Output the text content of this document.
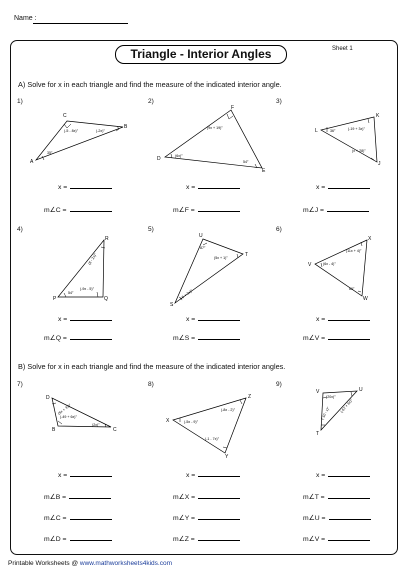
Name :
Triangle - Interior Angles	Sheet 1
A) Solve for x in each triangle and find the measure of the indicated interior angle.
1)	2)	3)
4)	5)	6)
C
B
A
F
D
E
K
L
J
R
P	Q
U
T
S
X
V
W
D
B	C
Z
X
Y
V	U
T
(-5 - 8x)°	(-2x)°
35°
(9x + 19)°
(6x)°
54°
(-19 + 3x)°
36°
(x + 28)°
(8 - 2x)°
54°
(-9x - 5)°
87°
(5x + 1)°
(-5 + 2x)°
(11x + 4)°
(6x - 4)°
60°
(5x + 33)°
(-49 + 6x)°
(2x)°
(-8x - 2)°
(-5x - 9)°
(-1 - 7x)°
(20x)°
(-67 + 6x)°
(-10 - x)°
x =	x =	x =
m∠C =	m∠F =	m∠J =
x =	x =	x =
m∠Q =	m∠S =	m∠V =
B) Solve for x in each triangle and find the measure of the indicated interior angles.
7)	8)	9)
x =	x =	x =
m∠B =	m∠X =	m∠T =
m∠C =	m∠Y =	m∠U =
m∠D =	m∠Z =	m∠V =
Printable Worksheets @ www.mathworksheets4kids.com
